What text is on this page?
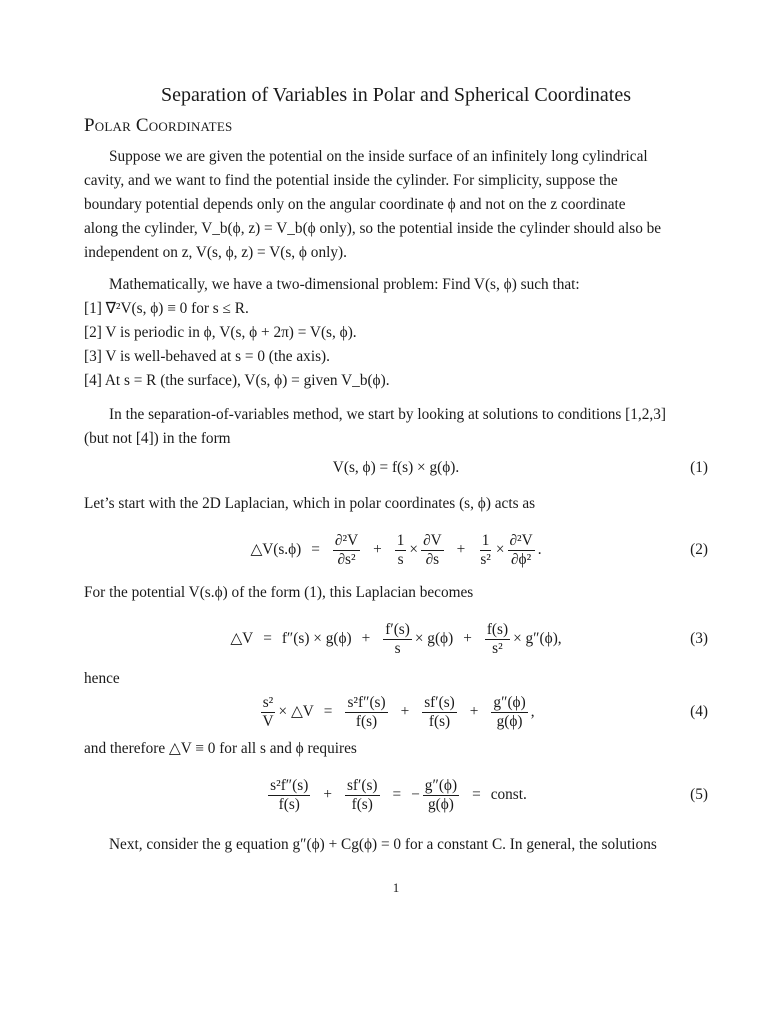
Separation of Variables in Polar and Spherical Coordinates
Polar Coordinates
Suppose we are given the potential on the inside surface of an infinitely long cylindrical
cavity, and we want to find the potential inside the cylinder. For simplicity, suppose the
boundary potential depends only on the angular coordinate ϕ and not on the z coordinate
along the cylinder, V_b(ϕ, z) = V_b(ϕ only), so the potential inside the cylinder should also be
independent on z, V(s, ϕ, z) = V(s, ϕ only).
Mathematically, we have a two-dimensional problem: Find V(s, ϕ) such that:
[1] ∇²V(s, ϕ) ≡ 0 for s ≤ R.
[2] V is periodic in ϕ, V(s, ϕ + 2π) = V(s, ϕ).
[3] V is well-behaved at s = 0 (the axis).
[4] At s = R (the surface), V(s, ϕ) = given V_b(ϕ).
In the separation-of-variables method, we start by looking at solutions to conditions [1,2,3]
(but not [4]) in the form
V(s, ϕ) = f(s) × g(ϕ).	(1)
Let’s start with the 2D Laplacian, which in polar coordinates (s, ϕ) acts as
△V(s.ϕ) = $\frac{\text{∂²V}}{\text{∂s²}} + \frac{1}{s} \times \frac{\partial V}{\partial s} + \frac{1}{\text{s²}} \times \frac{\text{∂²V}}{\text{∂ϕ²}}$ .	(2)
For the potential V(s.ϕ) of the form (1), this Laplacian becomes
△V = $f''(s) \times g(\phi) + \frac{f'(s)}{s} \times g(\phi) + \frac{f(s)}{\text{s²}} \times g''(\phi)$,	(3)
hence
$\frac{\text{s²}}{V}$ × △V = $\frac{\text{s²f″(s)}}{f(s)} + \frac{sf'(s)}{f(s)} + \frac{g''(\phi)}{g(\phi)}$ ,	(4)
and therefore △V ≡ 0 for all s and ϕ requires
$\frac{\text{s²f″(s)}}{f(s)} + \frac{sf'(s)}{f(s)}$ = − $\frac{g''(\phi)}{g(\phi)}$ = const.	(5)
Next, consider the g equation g″(ϕ) + Cg(ϕ) = 0 for a constant C. In general, the solutions
1
